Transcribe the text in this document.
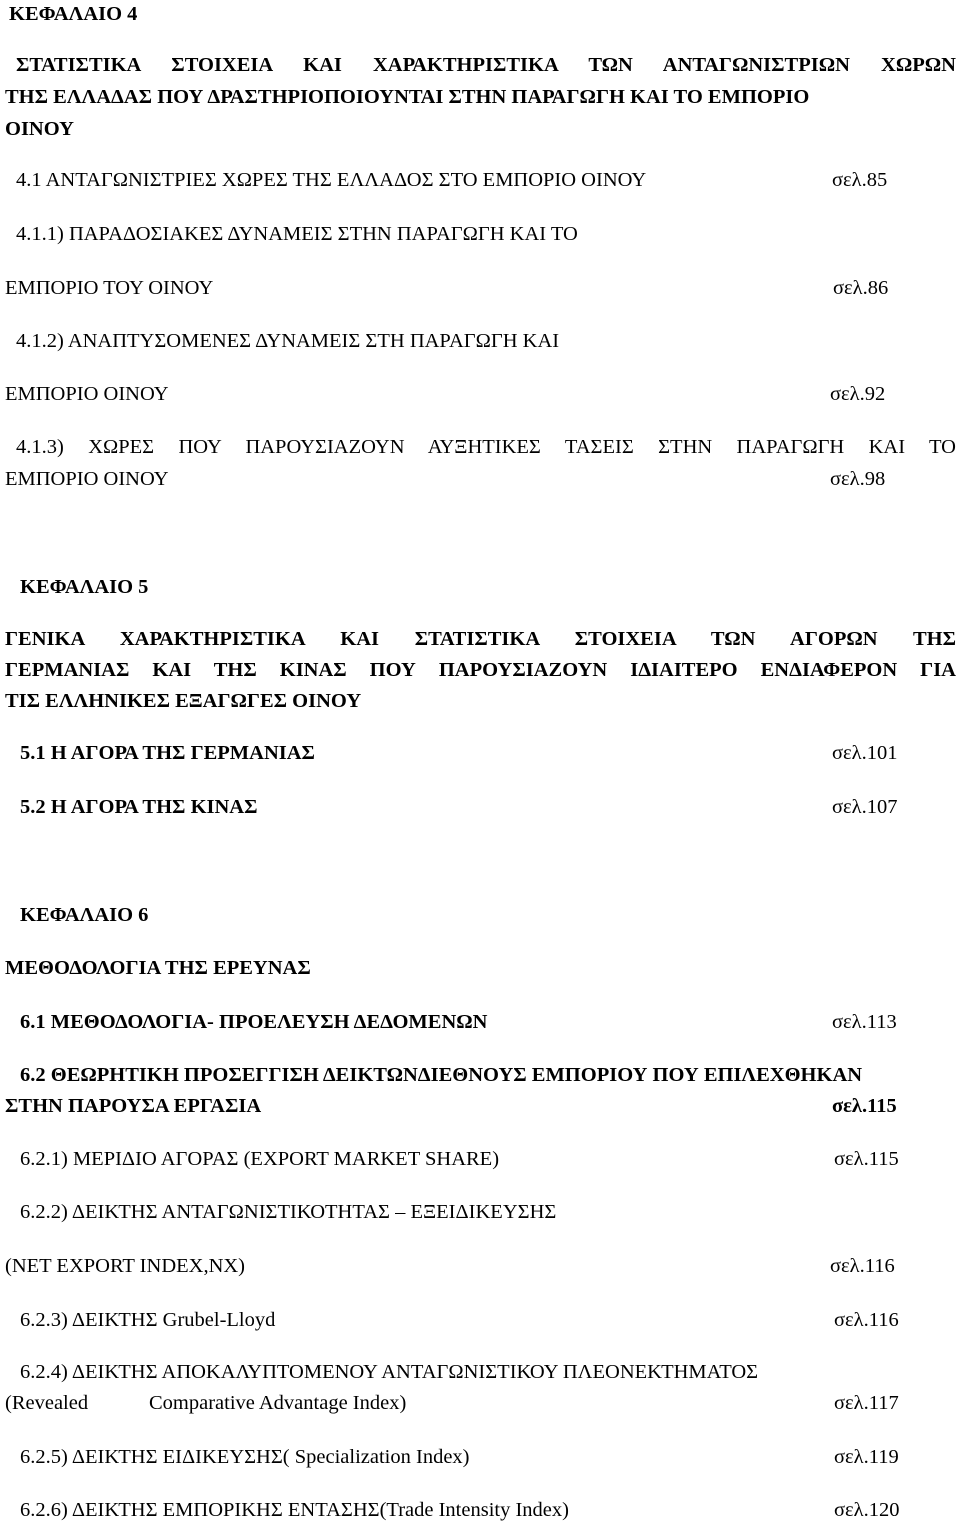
ΚΕΦΑΛΑΙΟ 4
ΣΤΑΤΙΣΤΙΚΑ ΣΤΟΙΧΕΙΑ ΚΑΙ ΧΑΡΑΚΤΗΡΙΣΤΙΚΑ ΤΩΝ ΑΝΤΑΓΩΝΙΣΤΡΙΩΝ ΧΩΡΩΝ
ΤΗΣ ΕΛΛΑΔΑΣ ΠΟΥ ΔΡΑΣΤΗΡΙΟΠΟΙΟΥΝΤΑΙ ΣΤΗΝ ΠΑΡΑΓΩΓΗ ΚΑΙ ΤΟ ΕΜΠΟΡΙΟ
ΟΙΝΟΥ
4.1 ΑΝΤΑΓΩΝΙΣΤΡΙΕΣ ΧΩΡΕΣ ΤΗΣ ΕΛΛΑΔΟΣ ΣΤΟ ΕΜΠΟΡΙΟ ΟΙΝΟΥ	σελ.85
4.1.1) ΠΑΡΑΔΟΣΙΑΚΕΣ ΔΥΝΑΜΕΙΣ ΣΤΗΝ ΠΑΡΑΓΩΓΗ ΚΑΙ ΤΟ
ΕΜΠΟΡΙΟ ΤΟΥ ΟΙΝΟΥ	σελ.86
4.1.2) ΑΝΑΠΤΥΣΟΜΕΝΕΣ ΔΥΝΑΜΕΙΣ ΣΤΗ ΠΑΡΑΓΩΓΗ ΚΑΙ
ΕΜΠΟΡΙΟ ΟΙΝΟΥ	σελ.92
4.1.3) ΧΩΡΕΣ ΠΟΥ ΠΑΡΟΥΣΙΑΖΟΥΝ ΑΥΞΗΤΙΚΕΣ ΤΑΣΕΙΣ ΣΤΗΝ ΠΑΡΑΓΩΓΗ ΚΑΙ ΤΟ
ΕΜΠΟΡΙΟ ΟΙΝΟΥ	σελ.98
ΚΕΦΑΛΑΙΟ 5
ΓΕΝΙΚΑ ΧΑΡΑΚΤΗΡΙΣΤΙΚΑ ΚΑΙ ΣΤΑΤΙΣΤΙΚΑ ΣΤΟΙΧΕΙΑ ΤΩΝ ΑΓΟΡΩΝ ΤΗΣ
ΓΕΡΜΑΝΙΑΣ ΚΑΙ ΤΗΣ ΚΙΝΑΣ ΠΟΥ ΠΑΡΟΥΣΙΑΖΟΥΝ ΙΔΙΑΙΤΕΡΟ ΕΝΔΙΑΦΕΡΟΝ ΓΙΑ
ΤΙΣ ΕΛΛΗΝΙΚΕΣ ΕΞΑΓΩΓΕΣ ΟΙΝΟΥ
5.1 Η ΑΓΟΡΑ ΤΗΣ ΓΕΡΜΑΝΙΑΣ	σελ.101
5.2 Η ΑΓΟΡΑ ΤΗΣ ΚΙΝΑΣ	σελ.107
ΚΕΦΑΛΑΙΟ 6
ΜΕΘΟΔΟΛΟΓΙΑ ΤΗΣ ΕΡΕΥΝΑΣ
6.1 ΜΕΘΟΔΟΛΟΓΙΑ- ΠΡΟΕΛΕΥΣΗ ΔΕΔΟΜΕΝΩΝ	σελ.113
6.2 ΘΕΩΡΗΤΙΚΗ ΠΡΟΣΕΓΓΙΣΗ ΔΕΙΚΤΩΝΔΙΕΘΝΟΥΣ ΕΜΠΟΡΙΟΥ ΠΟΥ ΕΠΙΛΕΧΘΗΚΑΝ
ΣΤΗΝ ΠΑΡΟΥΣΑ ΕΡΓΑΣΙΑ	σελ.115
6.2.1) ΜΕΡΙΔΙΟ ΑΓΟΡΑΣ (EXPORT MARKET SHARE)	σελ.115
6.2.2) ΔΕΙΚΤΗΣ ΑΝΤΑΓΩΝΙΣΤΙΚΟΤΗΤΑΣ – ΕΞΕΙΔΙΚΕΥΣΗΣ
(NET EXPORT INDEX,NX)	σελ.116
6.2.3) ΔΕΙΚΤΗΣ Grubel-Lloyd	σελ.116
6.2.4) ΔΕΙΚΤΗΣ ΑΠΟΚΑΛΥΠΤΟΜΕΝΟΥ ΑΝΤΑΓΩΝΙΣΤΙΚΟΥ ΠΛΕΟΝΕΚΤΗΜΑΤΟΣ
(Revealed	Comparative Advantage Index)	σελ.117
6.2.5) ΔΕΙΚΤΗΣ ΕΙΔΙΚΕΥΣΗΣ( Specialization Index)	σελ.119
6.2.6) ΔΕΙΚΤΗΣ ΕΜΠΟΡΙΚΗΣ ΕΝΤΑΣΗΣ(Trade Intensity Index)	σελ.120
